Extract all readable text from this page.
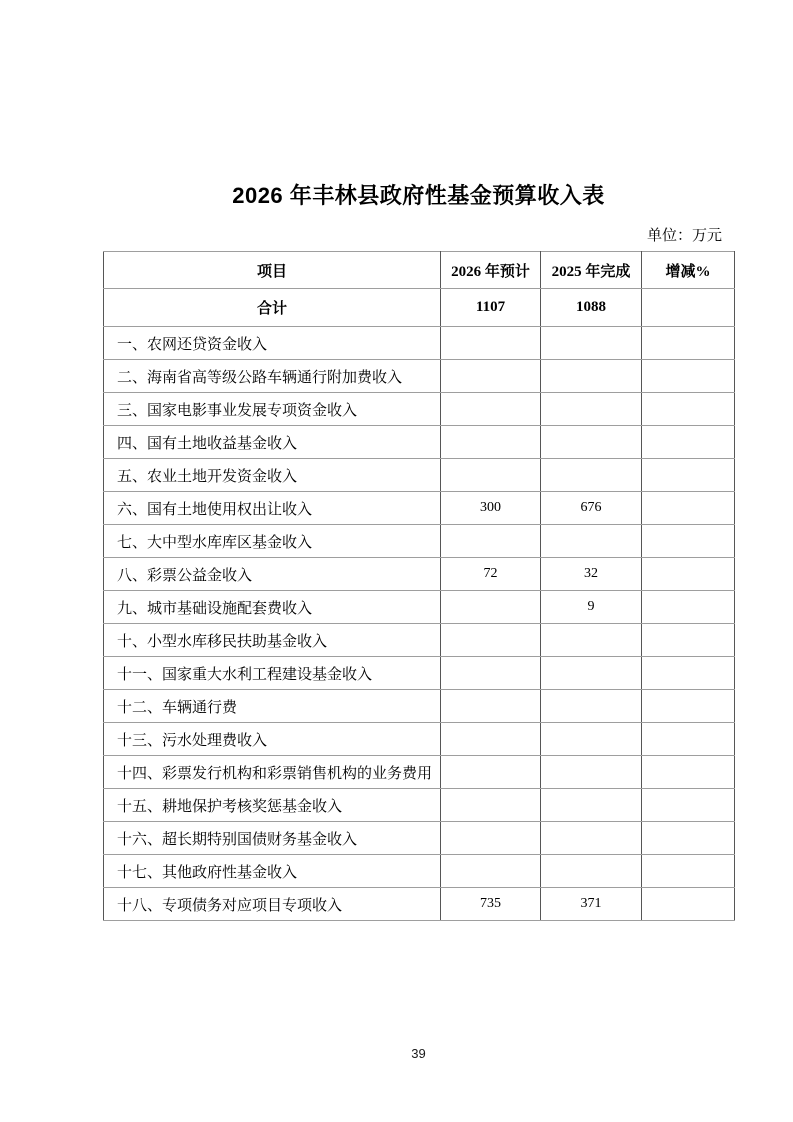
2026 年丰林县政府性基金预算收入表
单位：万元
项目	2026 年预计	2025 年完成	增减%
合计	1107	1088	
一、农网还贷资金收入			
二、海南省高等级公路车辆通行附加费收入			
三、国家电影事业发展专项资金收入			
四、国有土地收益基金收入			
五、农业土地开发资金收入			
六、国有土地使用权出让收入	300	676	
七、大中型水库库区基金收入			
八、彩票公益金收入	72	32	
九、城市基础设施配套费收入		9	
十、小型水库移民扶助基金收入			
十一、国家重大水利工程建设基金收入			
十二、车辆通行费			
十三、污水处理费收入			
十四、彩票发行机构和彩票销售机构的业务费用			
十五、耕地保护考核奖惩基金收入			
十六、超长期特别国债财务基金收入			
十七、其他政府性基金收入			
十八、专项债务对应项目专项收入	735	371	
39
